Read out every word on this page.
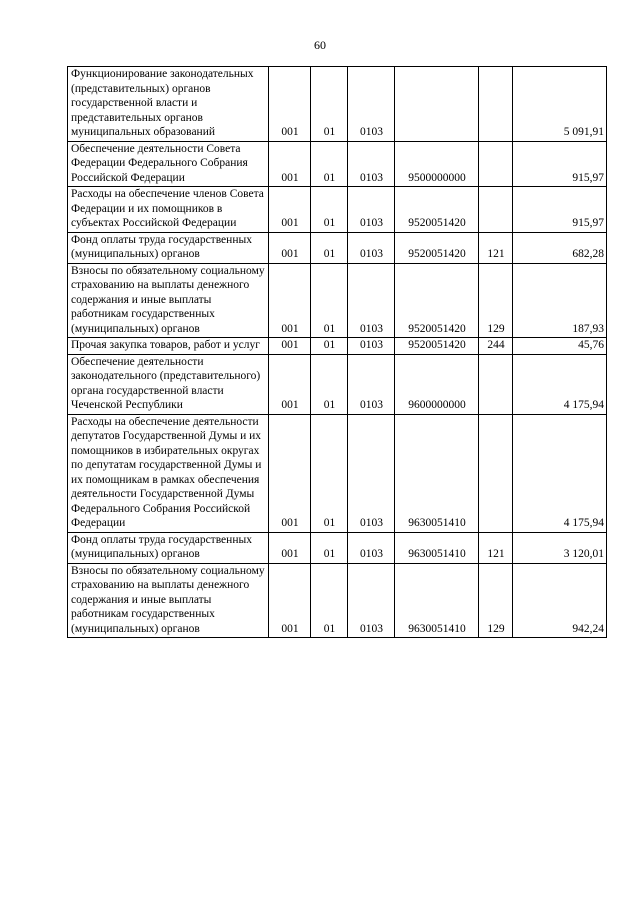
60
Функционирование законодательных (представительных) органов государственной власти и представительных органов муниципальных образований	001	01	0103			5 091,91
Обеспечение деятельности Совета Федерации Федерального Собрания Российской Федерации	001	01	0103	9500000000		915,97
Расходы на обеспечение членов Совета Федерации и их помощников в субъектах Российской Федерации	001	01	0103	9520051420		915,97
Фонд оплаты труда государственных (муниципальных) органов	001	01	0103	9520051420	121	682,28
Взносы по обязательному социальному страхованию на выплаты денежного содержания и иные выплаты работникам государственных (муниципальных) органов	001	01	0103	9520051420	129	187,93
Прочая закупка товаров, работ и услуг	001	01	0103	9520051420	244	45,76
Обеспечение деятельности законодательного (представительного) органа государственной власти Чеченской Республики	001	01	0103	9600000000		4 175,94
Расходы на обеспечение деятельности депутатов Государственной Думы и их помощников в избирательных округах по депутатам государственной Думы и их помощникам в рамках обеспечения деятельности Государственной Думы Федерального Собрания Российской Федерации	001	01	0103	9630051410		4 175,94
Фонд оплаты труда государственных (муниципальных) органов	001	01	0103	9630051410	121	3 120,01
Взносы по обязательному социальному страхованию на выплаты денежного содержания и иные выплаты работникам государственных (муниципальных) органов	001	01	0103	9630051410	129	942,24
